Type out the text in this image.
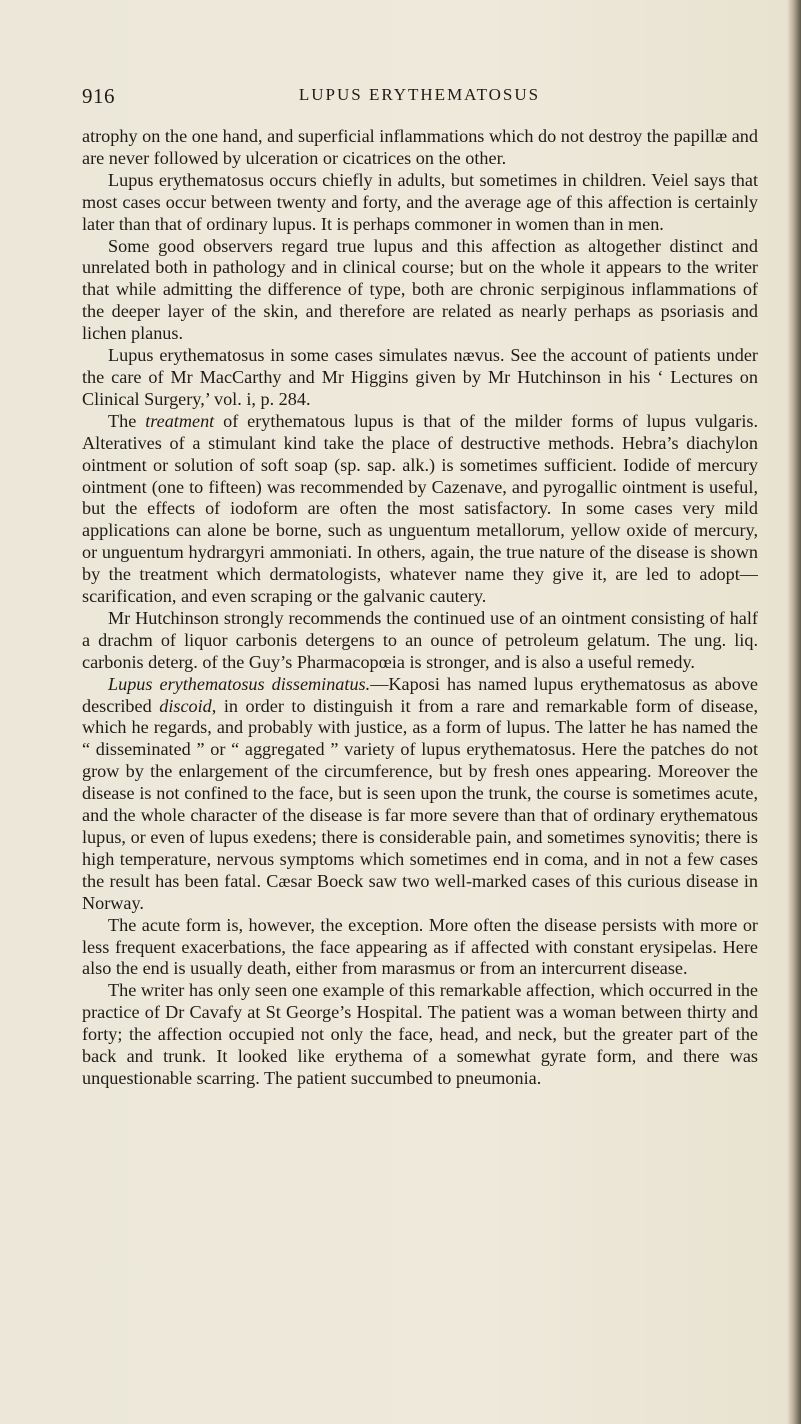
916	LUPUS ERYTHEMATOSUS

atrophy on the one hand, and superficial inflammations which do not destroy the papillæ and are never followed by ulceration or cicatrices on the other.

Lupus erythematosus occurs chiefly in adults, but sometimes in children. Veiel says that most cases occur between twenty and forty, and the average age of this affection is certainly later than that of ordinary lupus. It is perhaps commoner in women than in men.

Some good observers regard true lupus and this affection as altogether distinct and unrelated both in pathology and in clinical course; but on the whole it appears to the writer that while admitting the difference of type, both are chronic serpiginous inflammations of the deeper layer of the skin, and therefore are related as nearly perhaps as psoriasis and lichen planus.

Lupus erythematosus in some cases simulates nævus. See the account of patients under the care of Mr MacCarthy and Mr Higgins given by Mr Hutchinson in his ‘ Lectures on Clinical Surgery,’ vol. i, p. 284.

The treatment of erythematous lupus is that of the milder forms of lupus vulgaris. Alteratives of a stimulant kind take the place of destructive methods. Hebra’s diachylon ointment or solution of soft soap (sp. sap. alk.) is sometimes sufficient. Iodide of mercury ointment (one to fifteen) was recommended by Cazenave, and pyrogallic ointment is useful, but the effects of iodoform are often the most satisfactory. In some cases very mild applications can alone be borne, such as unguentum metallorum, yellow oxide of mercury, or unguentum hydrargyri ammoniati. In others, again, the true nature of the disease is shown by the treatment which dermatologists, whatever name they give it, are led to adopt—scarification, and even scraping or the galvanic cautery.

Mr Hutchinson strongly recommends the continued use of an ointment consisting of half a drachm of liquor carbonis detergens to an ounce of petroleum gelatum. The ung. liq. carbonis deterg. of the Guy’s Pharmacopœia is stronger, and is also a useful remedy.

Lupus erythematosus disseminatus.—Kaposi has named lupus erythematosus as above described discoid, in order to distinguish it from a rare and remarkable form of disease, which he regards, and probably with justice, as a form of lupus. The latter he has named the “ disseminated ” or “ aggregated ” variety of lupus erythematosus. Here the patches do not grow by the enlargement of the circumference, but by fresh ones appearing. Moreover the disease is not confined to the face, but is seen upon the trunk, the course is sometimes acute, and the whole character of the disease is far more severe than that of ordinary erythematous lupus, or even of lupus exedens; there is considerable pain, and sometimes synovitis; there is high temperature, nervous symptoms which sometimes end in coma, and in not a few cases the result has been fatal. Cæsar Boeck saw two well-marked cases of this curious disease in Norway.

The acute form is, however, the exception. More often the disease persists with more or less frequent exacerbations, the face appearing as if affected with constant erysipelas. Here also the end is usually death, either from marasmus or from an intercurrent disease.

The writer has only seen one example of this remarkable affection, which occurred in the practice of Dr Cavafy at St George’s Hospital. The patient was a woman between thirty and forty; the affection occupied not only the face, head, and neck, but the greater part of the back and trunk. It looked like erythema of a somewhat gyrate form, and there was unquestionable scarring. The patient succumbed to pneumonia.
